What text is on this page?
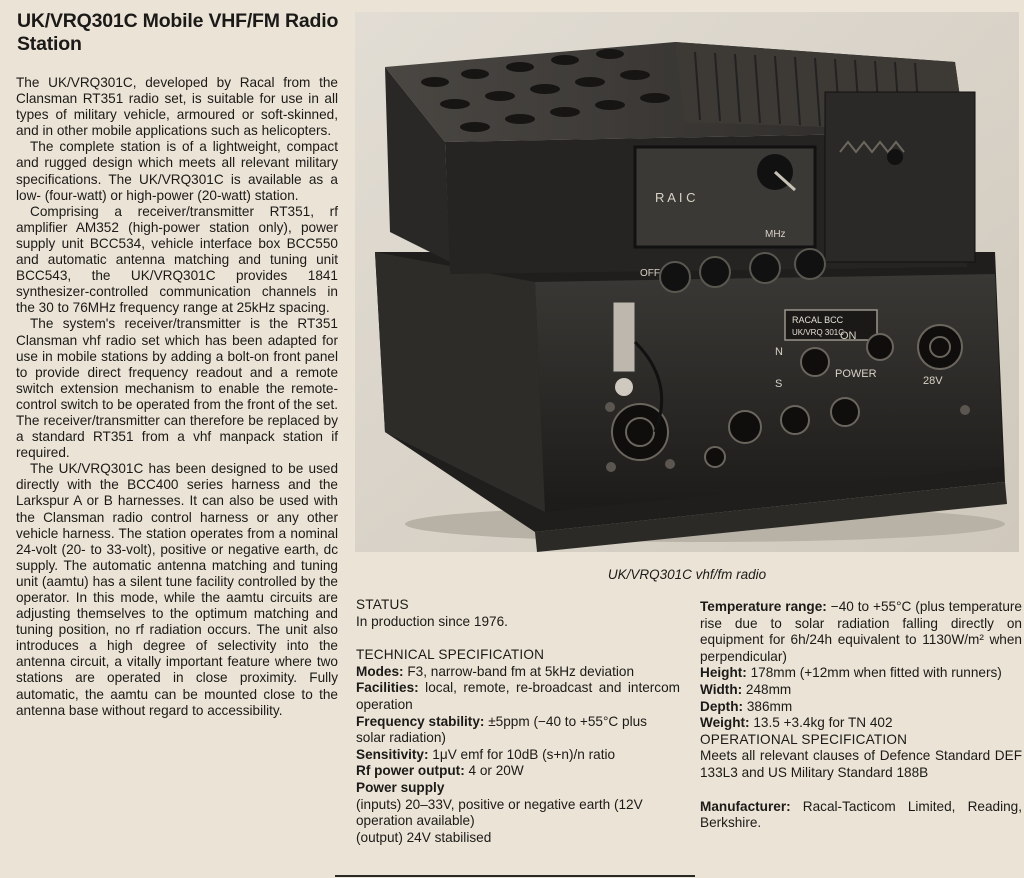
UK/VRQ301C Mobile VHF/FM Radio Station

The UK/VRQ301C, developed by Racal from the Clansman RT351 radio set, is suitable for use in all types of military vehicle, armoured or soft-skinned, and in other mobile applications such as helicopters.

The complete station is of a lightweight, compact and rugged design which meets all relevant military specifications. The UK/VRQ301C is available as a low- (four-watt) or high-power (20-watt) station.

Comprising a receiver/transmitter RT351, rf amplifier AM352 (high-power station only), power supply unit BCC534, vehicle interface box BCC550 and automatic antenna matching and tuning unit BCC543, the UK/VRQ301C provides 1841 synthesizer-controlled communication channels in the 30 to 76MHz frequency range at 25kHz spacing.

The system's receiver/transmitter is the RT351 Clansman vhf radio set which has been adapted for use in mobile stations by adding a bolt-on front panel to provide direct frequency readout and a remote switch extension mechanism to enable the remote-control switch to be operated from the front of the set. The receiver/transmitter can therefore be replaced by a standard RT351 from a vhf manpack station if required.

The UK/VRQ301C has been designed to be used directly with the BCC400 series harness and the Larkspur A or B harnesses. It can also be used with the Clansman radio control harness or any other vehicle harness. The station operates from a nominal 24-volt (20- to 33-volt), positive or negative earth, dc supply. The automatic antenna matching and tuning unit (aamtu) has a silent tune facility controlled by the operator. In this mode, while the aamtu circuits are adjusting themselves to the optimum matching and tuning position, no rf radiation occurs. The unit also introduces a high degree of selectivity into the antenna circuit, a vitally important feature where two stations are operated in close proximity. Fully automatic, the aamtu can be mounted close to the antenna base without regard to accessibility.

R A I C
MHz
OFF
RACAL BCC
UK/VRQ 301C
ON
POWER
N
S	28V
UK/VRQ301C vhf/fm radio
STATUS
In production since 1976.
TECHNICAL SPECIFICATION
Modes: F3, narrow-band fm at 5kHz deviation
Facilities: local, remote, re-broadcast and intercom operation
Frequency stability: ±5ppm (−40 to +55°C plus solar radiation)
Sensitivity: 1μV emf for 10dB (s+n)/n ratio
Rf power output: 4 or 20W
Power supply
(inputs) 20–33V, positive or negative earth (12V operation available)
(output) 24V stabilised
Temperature range: −40 to +55°C (plus temperature rise due to solar radiation falling directly on equipment for 6h/24h equivalent to 1130W/m² when perpendicular)
Height: 178mm (+12mm when fitted with runners)
Width: 248mm
Depth: 386mm
Weight: 13.5 +3.4kg for TN 402
OPERATIONAL SPECIFICATION
Meets all relevant clauses of Defence Standard DEF 133L3 and US Military Standard 188B
Manufacturer: Racal-Tacticom Limited, Reading, Berkshire.
